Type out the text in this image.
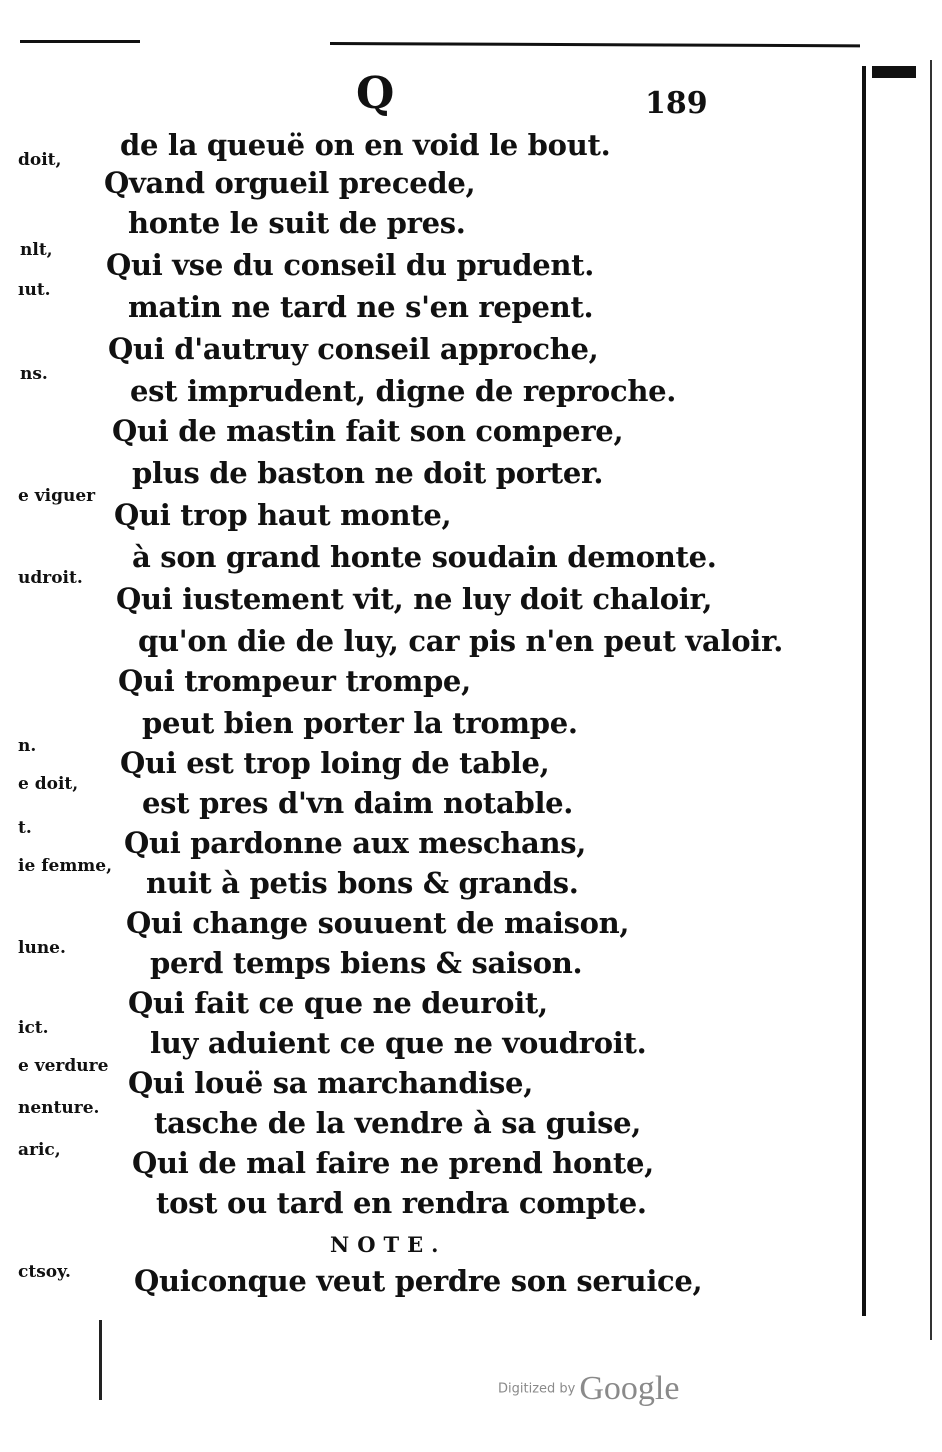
Q	189
de la queuë on en void le bout.
Qvand orgueil precede,
honte le suit de pres.
Qui vse du conseil du prudent.
matin ne tard ne s'en repent.
Qui d'autruy conseil approche,
est imprudent, digne de reproche.
Qui de mastin fait son compere,
plus de baston ne doit porter.
Qui trop haut monte,
à son grand honte soudain demonte.
Qui iustement vit, ne luy doit chaloir,
qu'on die de luy, car pis n'en peut valoir.
Qui trompeur trompe,
peut bien porter la trompe.
Qui est trop loing de table,
est pres d'vn daim notable.
Qui pardonne aux meschans,
nuit à petis bons & grands.
Qui change souuent de maison,
perd temps biens & saison.
Qui fait ce que ne deuroit,
luy aduient ce que ne voudroit.
Qui louë sa marchandise,
tasche de la vendre à sa guise,
Qui de mal faire ne prend honte,
tost ou tard en rendra compte.
NOTE.
Quiconque veut perdre son seruice,
doit,
nlt,
ıut.
ns.
e viguer
udroit.
n.
e doit,
t.
ie femme,
lune.
ict.
e verdure
nenture.
aric,
ctsoy.
Digitized by Google
